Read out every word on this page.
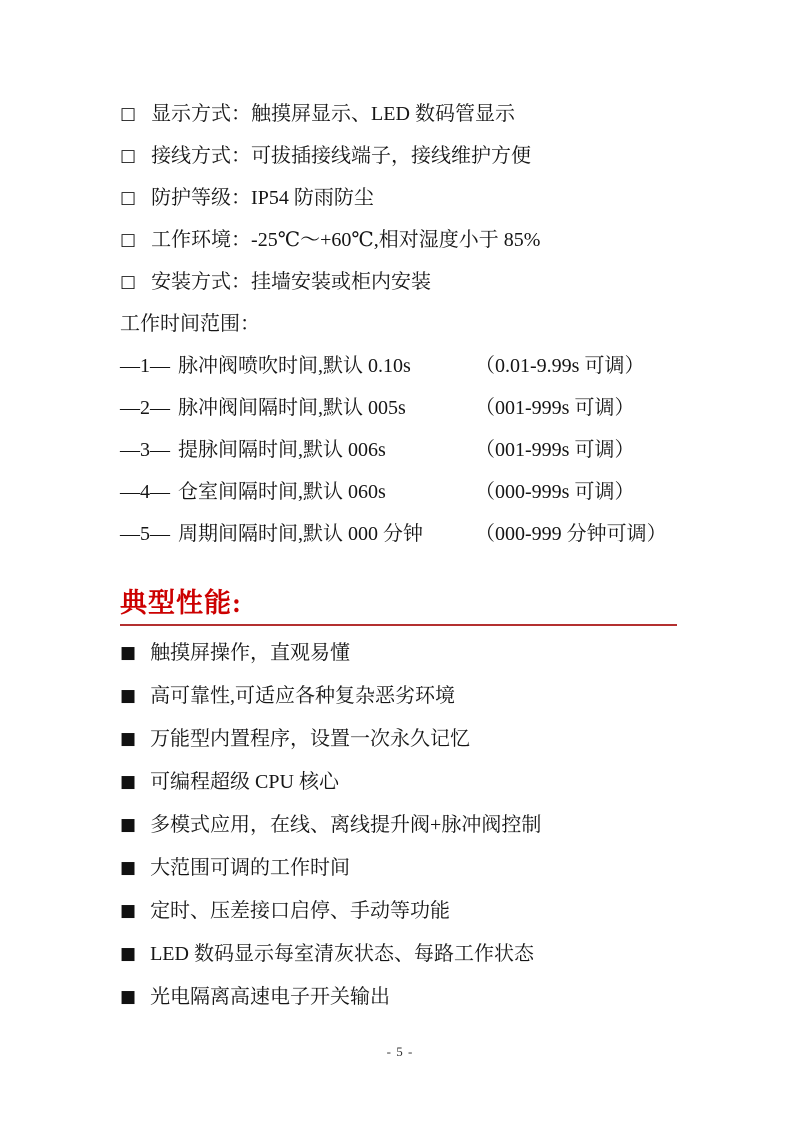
□ 显示方式：触摸屏显示、LED 数码管显示
□ 接线方式：可拔插接线端子，接线维护方便
□ 防护等级：IP54 防雨防尘
□ 工作环境：-25℃～+60℃,相对湿度小于 85%
□ 安装方式：挂墙安装或柜内安装
工作时间范围：
—1— 脉冲阀喷吹时间,默认 0.10s	（0.01-9.99s 可调）
—2— 脉冲阀间隔时间,默认 005s	（001-999s 可调）
—3— 提脉间隔时间,默认 006s	（001-999s 可调）
—4— 仓室间隔时间,默认 060s	（000-999s 可调）
—5— 周期间隔时间,默认 000 分钟	（000-999 分钟可调）
典型性能:
■ 触摸屏操作，直观易懂
■ 高可靠性,可适应各种复杂恶劣环境
■ 万能型内置程序，设置一次永久记忆
■ 可编程超级 CPU 核心
■ 多模式应用，在线、离线提升阀+脉冲阀控制
■ 大范围可调的工作时间
■ 定时、压差接口启停、手动等功能
■ LED 数码显示每室清灰状态、每路工作状态
■ 光电隔离高速电子开关输出
- 5 -
